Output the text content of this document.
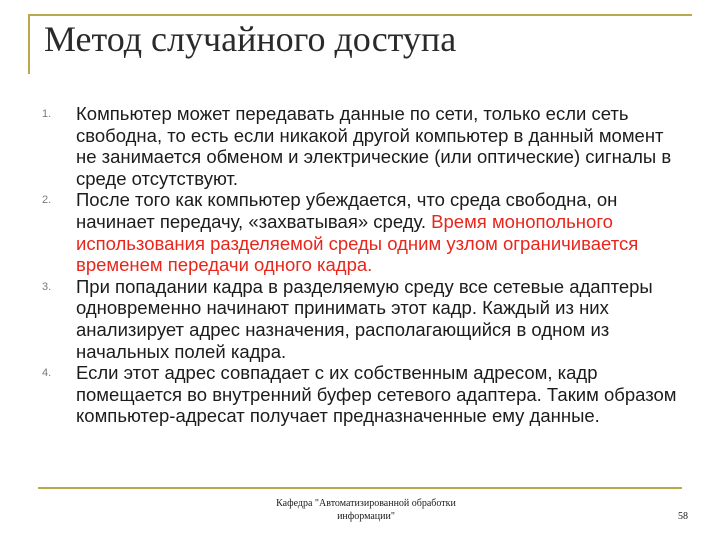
Метод случайного доступа
1. Компьютер может передавать данные по сети, только если сеть свободна, то есть если никакой другой компьютер в данный момент не занимается обменом и электрические (или оптические) сигналы в среде отсутствуют.
2. После того как компьютер убеждается, что среда свободна, он начинает передачу, «захватывая» среду. Время монопольного использования разделяемой среды одним узлом ограничивается временем передачи одного кадра.
3. При попадании кадра в разделяемую среду все сетевые адаптеры одновременно начинают принимать этот кадр. Каждый из них анализирует адрес назначения, располагающийся в одном из начальных полей кадра.
4. Если этот адрес совпадает с их собственным адресом, кадр помещается во внутренний буфер сетевого адаптера. Таким образом компьютер-адресат получает предназначенные ему данные.
Кафедра "Автоматизированной обработки информации"	58
